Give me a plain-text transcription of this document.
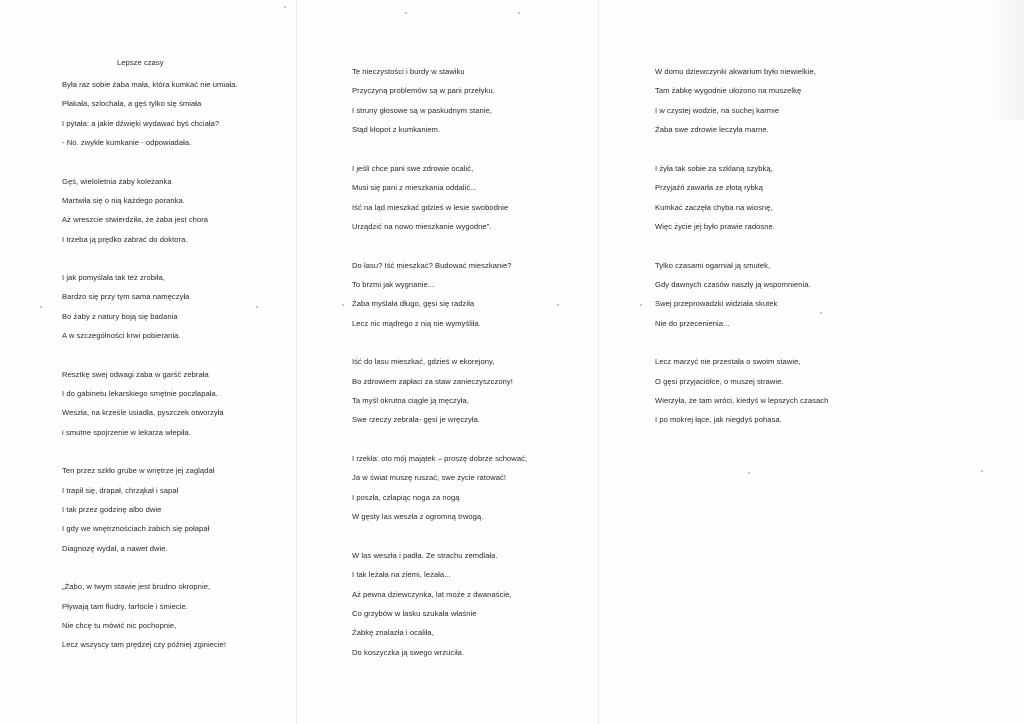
Lepsze czasy
Była raz sobie żaba mała, która kumkać nie umiała.
Płakała, szlochała, a gęś tylko się śmiała
I pytała: a jakie dźwięki wydawać byś chciała?
- No. zwykłe kumkanie - odpowiadała.
Gęś, wieloletnia żaby koleżanka
Martwiła się o nią każdego poranka.
Aż wreszcie stwierdziła, że żaba jest chora
I trzeba ją prędko zabrać do doktora.
I jak pomyślała tak też zrobiła,
Bardzo się przy tym sama namęczyła
Bo żaby z natury boją się badania
A w szczególności krwi pobierania.
Resztkę swej odwagi żaba w garść zebrała
I do gabinetu lekarskiego smętnie poczłapała.
Weszła, na krześle usiadła, pyszczek otworzyła
i smutne spojrzenie w lekarza wlepiła.
Ten przez szkło grube w wnętrze jej zaglądał
I trapił się, drapał, chrząkał i sapał
I tak przez godzinę albo dwie
I gdy we wnętrznościach żabich się połapał
Diagnozę wydał, a nawet dwie.
„Żabo, w twym stawie jest brudno okropnie,
Pływają tam fludry, farfocle i śmiecie.
Nie chcę tu mówić nic pochopnie,
Lecz wszyscy tam prędzej czy później zginiecie!
Te nieczystości i burdy w stawiku
Przyczyną problemów są w pani przełyku.
I struny głosowe są w paskudnym stanie,
Stąd kłopot z kumkaniem.
I jeśli chce pani swe zdrowie ocalić,
Musi się pani z mieszkania oddalić...
Iść na ląd mieszkać gdzieś w lesie swobodnie
Urządzić na nowo mieszkanie wygodne".
Do lasu? Iść mieszkać? Budować mieszkanie?
To brzmi jak wygnanie...
Żaba myślała długo, gęsi się radziła
Lecz nic mądrego z nią nie wymyśliła.
Iść do lasu mieszkać, gdzieś w ekorejony,
Bo zdrowiem zapłaci za staw zanieczyszczony!
Ta myśl okrutna ciągle ją męczyła,
Swe rzeczy zebrała- gęsi je wręczyła.
I rzekła: oto mój majątek – proszę dobrze schować,
Ja w świat muszę ruszać, swe życie ratować!
I poszła, człapiąc noga za nogą
W gęsty las weszła z ogromną trwogą.
W las weszła i padła. Ze strachu zemdlała.
I tak leżała na ziemi, leżała...
Aż pewna dziewczynka, lat może z dwanaście,
Co grzybów w lasku szukała właśnie
Żabkę znalazła i ocaliła,
Do koszyczka ją swego wrzuciła.
W domu dziewczynki akwarium było niewielkie,
Tam żabkę wygodnie ułożono na muszelkę
I w czystej wodzie, na suchej karmie
Żaba swe zdrowie leczyła marne.
I żyła tak sobie za szklaną szybką,
Przyjaźń zawarła ze złotą rybką
Kumkać zaczęła chyba na wiosnę,
Więc życie jej było prawie radosne.
Tylko czasami ogarniał ją smutek,
Gdy dawnych czasów naszły ją wspomnienia.
Swej przeprowadzki widziała skutek
Nie do przecenienia...
Lecz marzyć nie przestała o swoim stawie,
O gęsi przyjaciółce, o muszej strawie.
Wierzyła, że tam wróci, kiedyś w lepszych czasach
I po mokrej łące, jak niegdyś pohasa.
